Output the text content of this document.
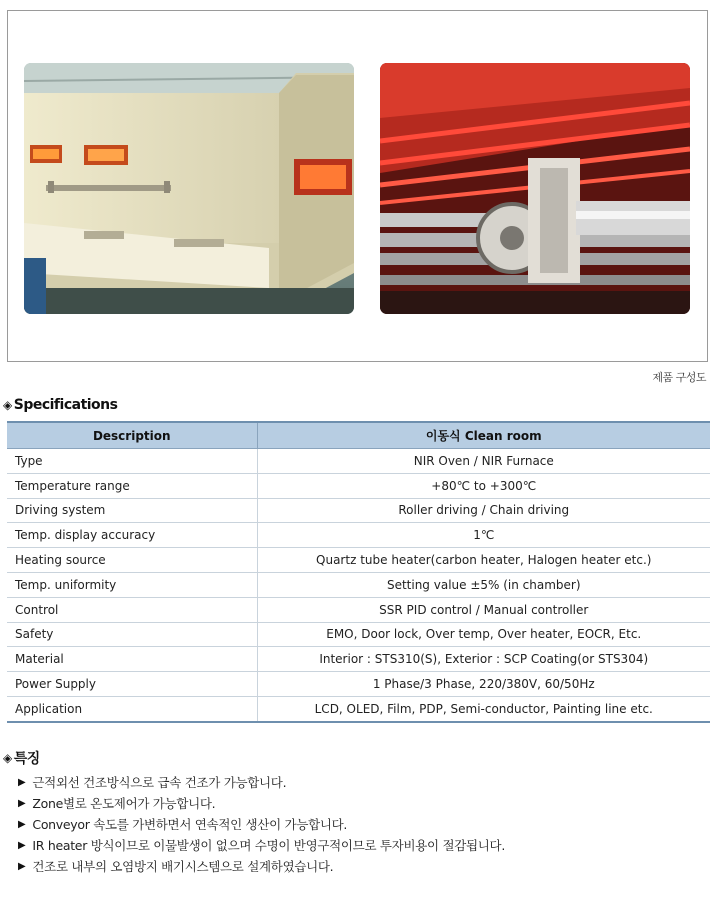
제품 구성도
◈ Specifications
Description	이동식 Clean room
Type	NIR Oven / NIR Furnace
Temperature range	+80℃ to +300℃
Driving system	Roller driving / Chain driving
Temp. display accuracy	1℃
Heating source	Quartz tube heater(carbon heater, Halogen heater etc.)
Temp. uniformity	Setting value ±5% (in chamber)
Control	SSR PID control / Manual controller
Safety	EMO, Door lock, Over temp, Over heater, EOCR, Etc.
Material	Interior : STS310(S), Exterior : SCP Coating(or STS304)
Power Supply	1 Phase/3 Phase, 220/380V, 60/50Hz
Application	LCD, OLED, Film, PDP, Semi-conductor, Painting line etc.
◈ 특징
▶ 근적외선 건조방식으로 급속 건조가 가능합니다.
▶ Zone별로 온도제어가 가능합니다.
▶ Conveyor 속도를 가변하면서 연속적인 생산이 가능합니다.
▶ IR heater 방식이므로 이물발생이 없으며 수명이 반영구적이므로 투자비용이 절감됩니다.
▶ 건조로 내부의 오염방지 배기시스템으로 설계하였습니다.
